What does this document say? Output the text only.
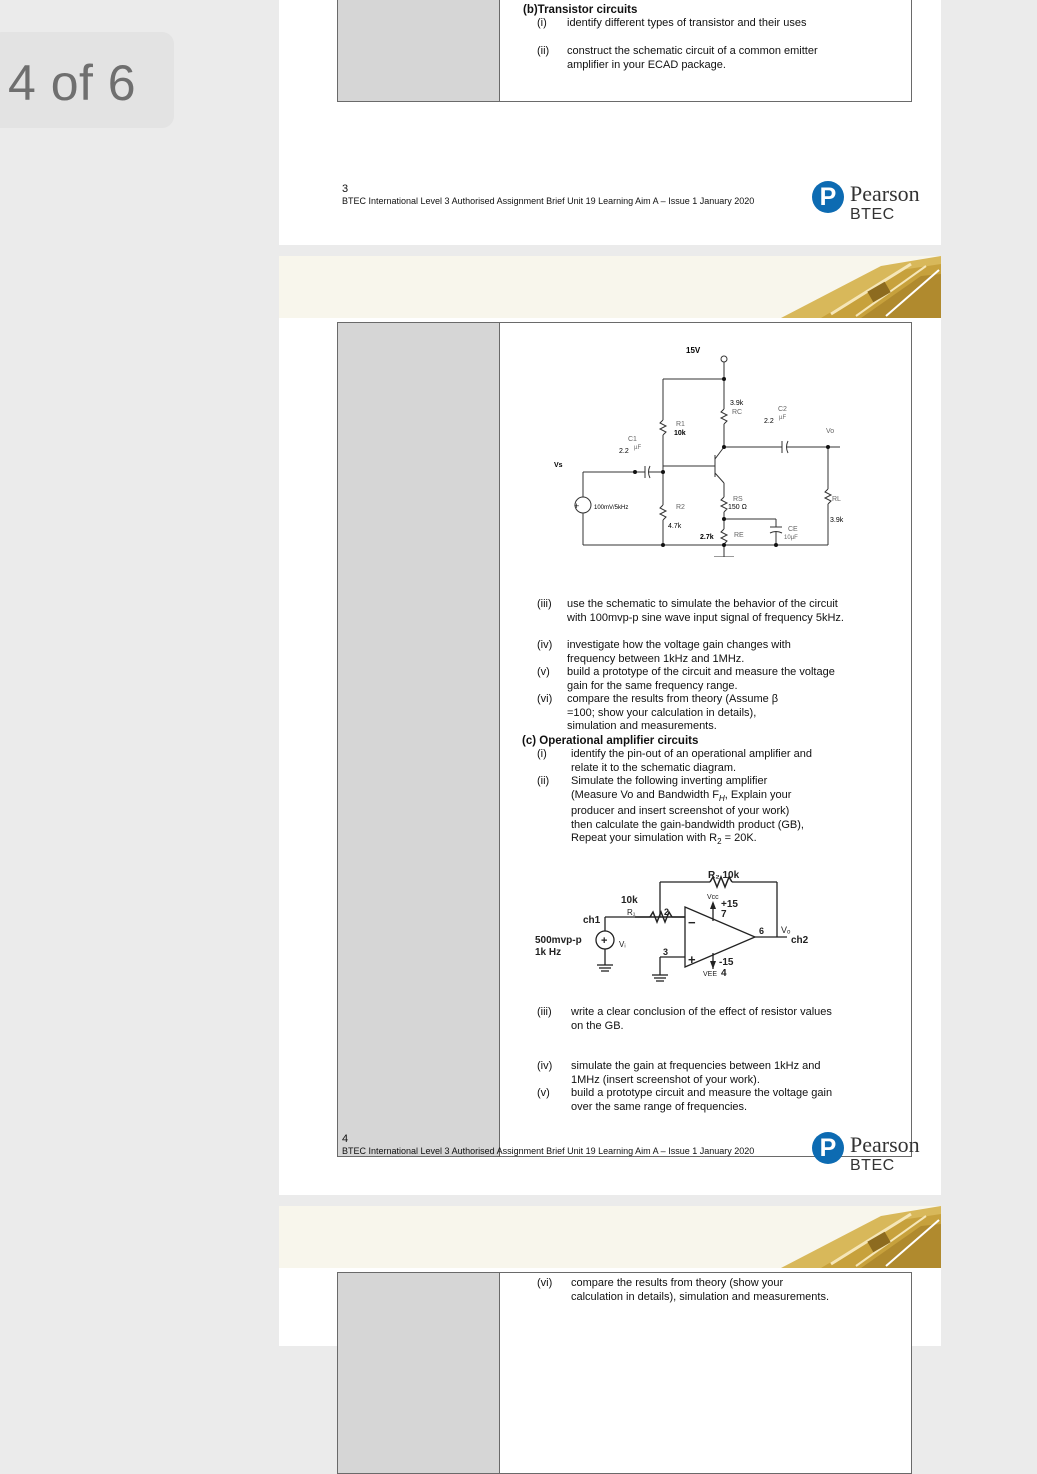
4 of 6
(b)Transistor circuits
(i) identify different types of transistor and their uses
(ii) construct the schematic circuit of a common emitter amplifier in your ECAD package.
3
BTEC International Level 3 Authorised Assignment Brief Unit 19 Learning Aim A – Issue 1 January 2020	P Pearson
BTEC
+
15V
3.9k
RC	C2
2.2 µF
Vo
R1
10k
C1
2.2 µF
Vs
100mV/5kHz	R2
4.7k
RS
150 Ω
RL
3.9k
2.7k	RE
CE
10µF
(iii) use the schematic to simulate the behavior of the circuit with 100mvp-p sine wave input signal of frequency 5kHz.
(iv) investigate how the voltage gain changes with frequency between 1kHz and 1MHz.
(v) build a prototype of the circuit and measure the voltage gain for the same frequency range.
(vi) compare the results from theory (Assume β =100; show your calculation in details), simulation and measurements.
(c) Operational amplifier circuits
(i) identify the pin-out of an operational amplifier and relate it to the schematic diagram.
(ii) Simulate the following inverting amplifier
(Measure Vo and Bandwidth $F_H$, Explain your
producer and insert screenshot of your work)
then calculate the gain-bandwidth product (GB),
Repeat your simulation with $R_2 = 20K$.
+
R₂ 10k
Vcc
+15
7
10k
R₁
ch1
2
3
−
+
6 Vₒ
ch2
500mvp-p
1k Hz
Vᵢ
-15
VEE 4
(iii) write a clear conclusion of the effect of resistor values on the GB.
(iv) simulate the gain at frequencies between 1kHz and 1MHz (insert screenshot of your work).
(v) build a prototype circuit and measure the voltage gain over the same range of frequencies.
4
BTEC International Level 3 Authorised Assignment Brief Unit 19 Learning Aim A – Issue 1 January 2020	P Pearson
BTEC
(vi) compare the results from theory (show your calculation in details), simulation and measurements.
